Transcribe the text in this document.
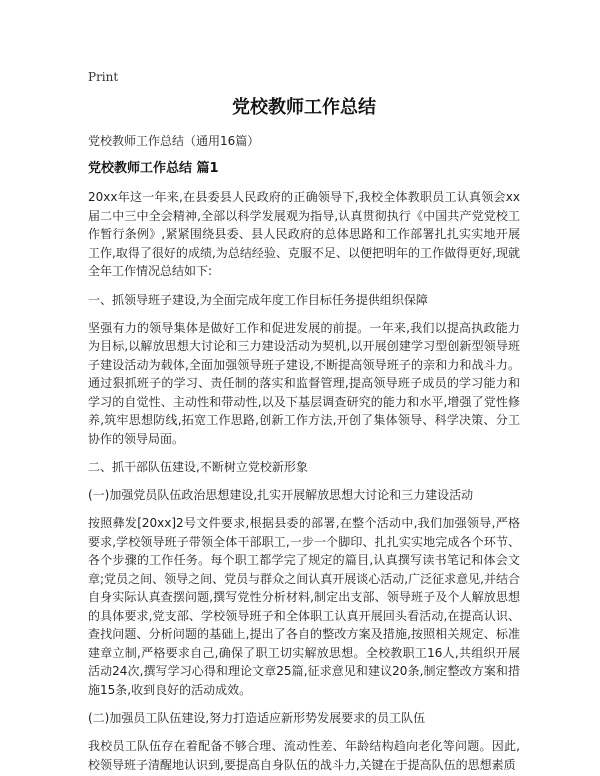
Print
党校教师工作总结

党校教师工作总结（通用16篇）

党校教师工作总结 篇1

20xx年这一年来,在县委县人民政府的正确领导下,我校全体教职员工认真领会xx届二中三中全会精神,全部以科学发展观为指导,认真贯彻执行《中国共产党党校工作暂行条例》,紧紧围绕县委、县人民政府的总体思路和工作部署扎扎实实地开展工作,取得了很好的成绩,为总结经验、克服不足、以便把明年的工作做得更好,现就全年工作情况总结如下:

一、抓领导班子建设,为全面完成年度工作目标任务提供组织保障

坚强有力的领导集体是做好工作和促进发展的前提。一年来,我们以提高执政能力为目标,以解放思想大讨论和三力建设活动为契机,以开展创建学习型创新型领导班子建设活动为载体,全面加强领导班子建设,不断提高领导班子的亲和力和战斗力。通过狠抓班子的学习、责任制的落实和监督管理,提高领导班子成员的学习能力和学习的自觉性、主动性和带动性,以及下基层调查研究的能力和水平,增强了党性修养,筑牢思想防线,拓宽工作思路,创新工作方法,开创了集体领导、科学决策、分工协作的领导局面。

二、抓干部队伍建设,不断树立党校新形象

(一)加强党员队伍政治思想建设,扎实开展解放思想大讨论和三力建设活动

按照彝发[20xx]2号文件要求,根据县委的部署,在整个活动中,我们加强领导,严格要求,学校领导班子带领全体干部职工,一步一个脚印、扎扎实实地完成各个环节、各个步骤的工作任务。每个职工都学完了规定的篇目,认真撰写读书笔记和体会文章;党员之间、领导之间、党员与群众之间认真开展谈心活动,广泛征求意见,并结合自身实际认真查摆问题,撰写党性分析材料,制定出支部、领导班子及个人解放思想的具体要求,党支部、学校领导班子和全体职工认真开展回头看活动,在提高认识、查找问题、分析问题的基础上,提出了各自的整改方案及措施,按照相关规定、标准建章立制,严格要求自己,确保了职工切实解放思想。全校教职工16人,共组织开展活动24次,撰写学习心得和理论文章25篇,征求意见和建议20条,制定整改方案和措施15条,收到良好的活动成效。

(二)加强员工队伍建设,努力打造适应新形势发展要求的员工队伍

我校员工队伍存在着配备不够合理、流动性差、年龄结构趋向老化等问题。因此,校领导班子清醒地认识到,要提高自身队伍的战斗力,关键在于提高队伍的思想素质
